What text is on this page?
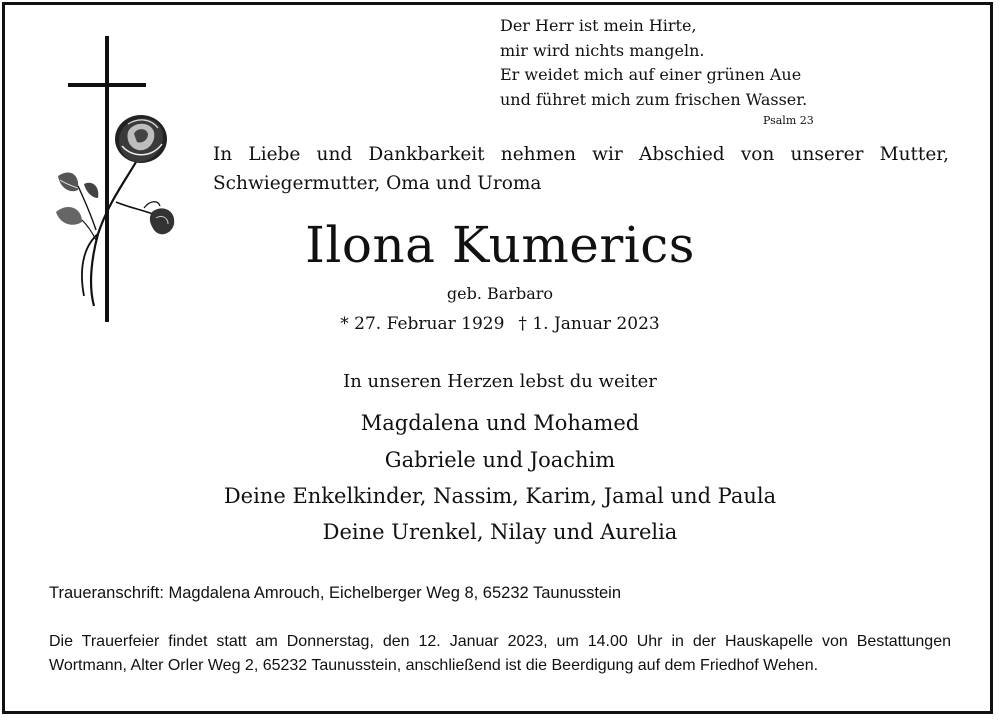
Der Herr ist mein Hirte,
mir wird nichts mangeln.
Er weidet mich auf einer grünen Aue
und führet mich zum frischen Wasser.
Psalm 23
In Liebe und Dankbarkeit nehmen wir Abschied von unserer Mutter, Schwiegermutter, Oma und Uroma
Ilona Kumerics
geb. Barbaro
* 27. Februar 1929 † 1. Januar 2023
In unseren Herzen lebst du weiter
Magdalena und Mohamed
Gabriele und Joachim
Deine Enkelkinder, Nassim, Karim, Jamal und Paula
Deine Urenkel, Nilay und Aurelia
Traueranschrift: Magdalena Amrouch, Eichelberger Weg 8, 65232 Taunusstein
Die Trauerfeier findet statt am Donnerstag, den 12. Januar 2023, um 14.00 Uhr in der Hauskapelle von Bestattungen Wortmann, Alter Orler Weg 2, 65232 Taunusstein, anschließend ist die Beerdigung auf dem Friedhof Wehen.
